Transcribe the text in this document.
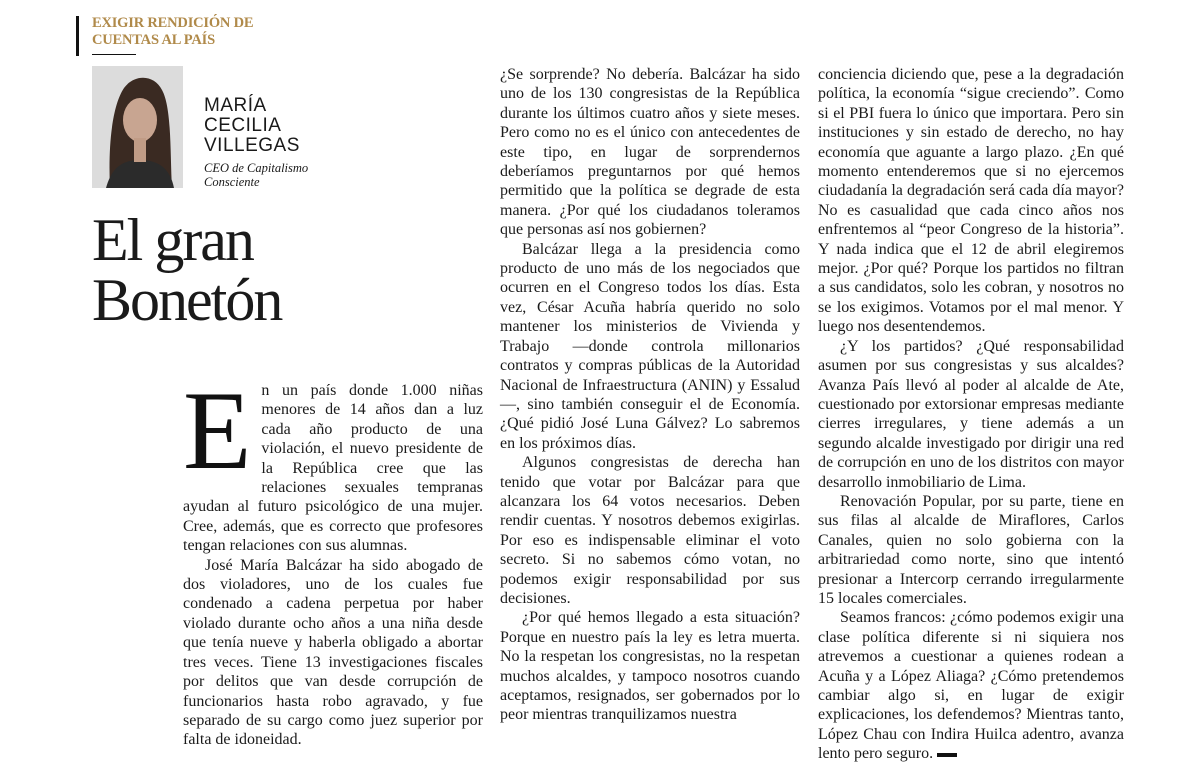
EXIGIR RENDICIÓN DE
CUENTAS AL PAÍS
MARÍA
CECILIA
VILLEGAS
CEO de Capitalismo
Consciente
El gran
Bonetón
E n un país donde 1.000 niñas menores de 14 años dan a luz cada año producto de una violación, el nuevo presidente de la República cree que las relaciones sexuales tempranas ayudan al futuro psicológico de una mujer. Cree, además, que es correcto que profesores tengan relaciones con sus alumnas.

José María Balcázar ha sido abogado de dos violadores, uno de los cuales fue condenado a cadena perpetua por haber violado durante ocho años a una niña desde que tenía nueve y haberla obligado a abortar tres veces. Tiene 13 investigaciones fiscales por delitos que van desde corrupción de funcionarios hasta robo agravado, y fue separado de su cargo como juez superior por falta de idoneidad.

¿Se sorprende? No debería. Balcázar ha sido uno de los 130 congresistas de la República durante los últimos cuatro años y siete meses. Pero como no es el único con antecedentes de este tipo, en lugar de sorprendernos deberíamos preguntarnos por qué hemos permitido que la política se degrade de esta manera. ¿Por qué los ciudadanos toleramos que personas así nos gobiernen?

Balcázar llega a la presidencia como producto de uno más de los negociados que ocurren en el Congreso todos los días. Esta vez, César Acuña habría querido no solo mantener los ministerios de Vivienda y Trabajo —donde controla millonarios contratos y compras públicas de la Autoridad Nacional de Infraestructura (ANIN) y Essalud—, sino también conseguir el de Economía. ¿Qué pidió José Luna Gálvez? Lo sabremos en los próximos días.

Algunos congresistas de derecha han tenido que votar por Balcázar para que alcanzara los 64 votos necesarios. Deben rendir cuentas. Y nosotros debemos exigirlas. Por eso es indispensable eliminar el voto secreto. Si no sabemos cómo votan, no podemos exigir responsabilidad por sus decisiones.

¿Por qué hemos llegado a esta situación? Porque en nuestro país la ley es letra muerta. No la respetan los congresistas, no la respetan muchos alcaldes, y tampoco nosotros cuando aceptamos, resignados, ser gobernados por lo peor mientras tranquilizamos nuestra

conciencia diciendo que, pese a la degradación política, la economía “sigue creciendo”. Como si el PBI fuera lo único que importara. Pero sin instituciones y sin estado de derecho, no hay economía que aguante a largo plazo. ¿En qué momento entenderemos que si no ejercemos ciudadanía la degradación será cada día mayor? No es casualidad que cada cinco años nos enfrentemos al “peor Congreso de la historia”. Y nada indica que el 12 de abril elegiremos mejor. ¿Por qué? Porque los partidos no filtran a sus candidatos, solo les cobran, y nosotros no se los exigimos. Votamos por el mal menor. Y luego nos desentendemos.

¿Y los partidos? ¿Qué responsabilidad asumen por sus congresistas y sus alcaldes? Avanza País llevó al poder al alcalde de Ate, cuestionado por extorsionar empresas mediante cierres irregulares, y tiene además a un segundo alcalde investigado por dirigir una red de corrupción en uno de los distritos con mayor desarrollo inmobiliario de Lima.

Renovación Popular, por su parte, tiene en sus filas al alcalde de Miraflores, Carlos Canales, quien no solo gobierna con la arbitrariedad como norte, sino que intentó presionar a Intercorp cerrando irregularmente 15 locales comerciales.

Seamos francos: ¿cómo podemos exigir una clase política diferente si ni siquiera nos atrevemos a cuestionar a quienes rodean a Acuña y a López Aliaga? ¿Cómo pretendemos cambiar algo si, en lugar de exigir explicaciones, los defendemos? Mientras tanto, López Chau con Indira Huilca adentro, avanza lento pero seguro.
